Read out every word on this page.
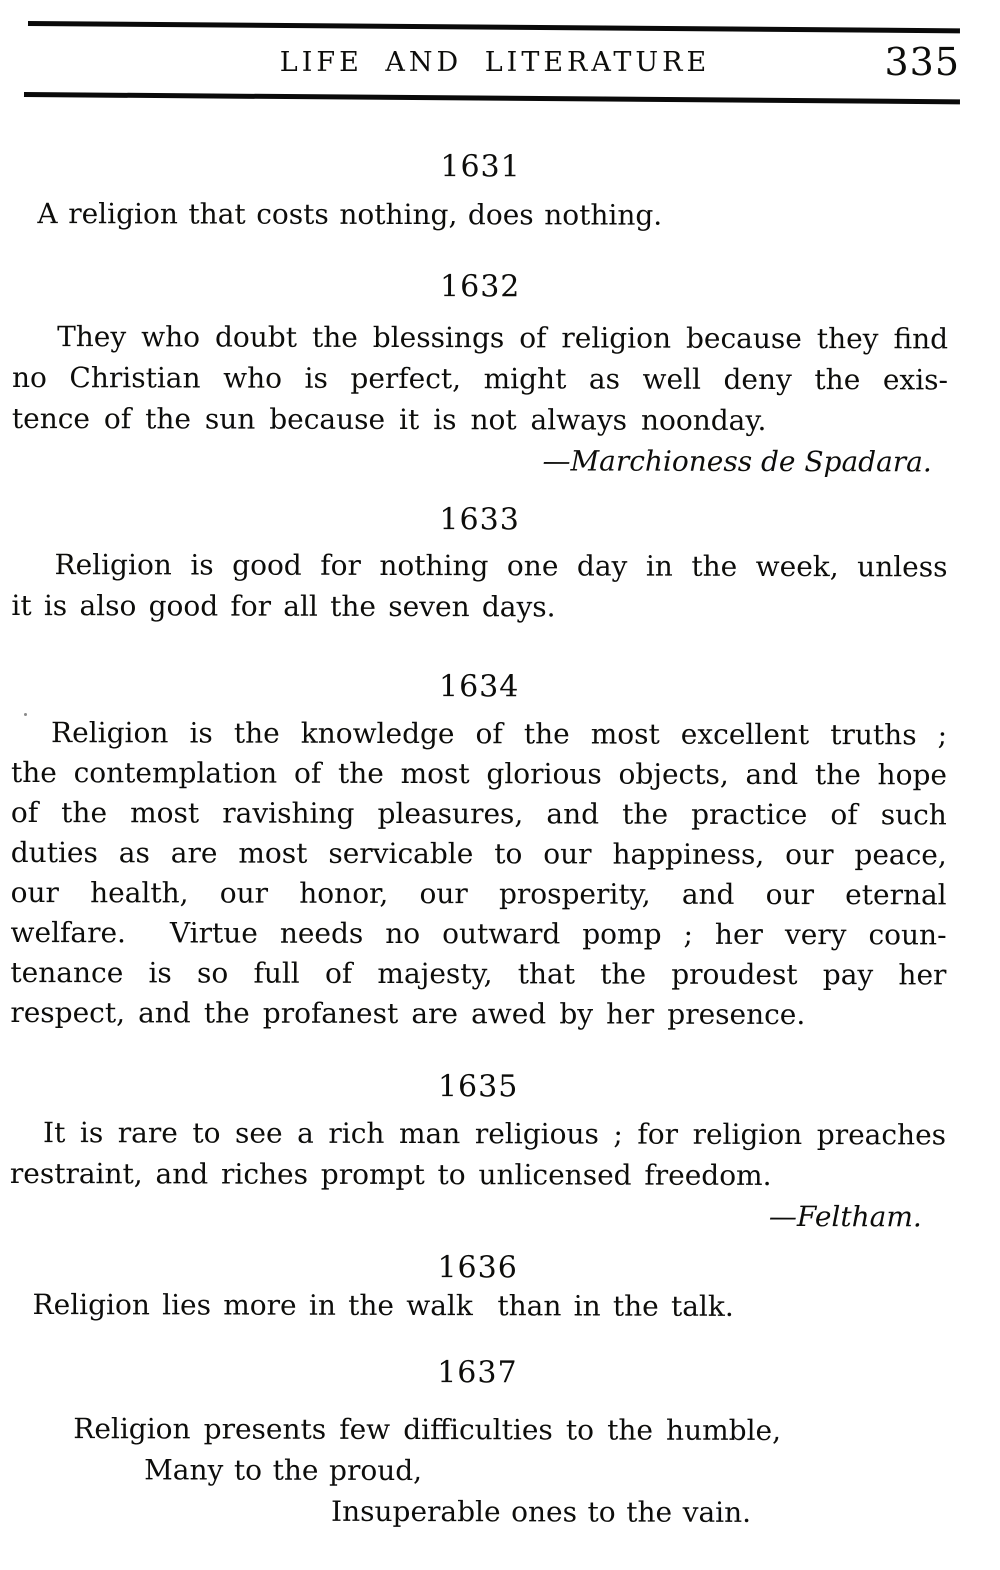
LIFE AND LITERATURE	335
1631
A religion that costs nothing, does nothing.
1632
They who doubt the blessings of religion because they find
no Christian who is perfect, might as well deny the exis-
tence of the sun because it is not always noonday.
—Marchioness de Spadara.
1633
Religion is good for nothing one day in the week, unless
it is also good for all the seven days.
1634
Religion is the knowledge of the most excellent truths ;
the contemplation of the most glorious objects, and the hope
of the most ravishing pleasures, and the practice of such
duties as are most servicable to our happiness, our peace,
our health, our honor, our prosperity, and our eternal
welfare.  Virtue needs no outward pomp ; her very coun-
tenance is so full of majesty, that the proudest pay her
respect, and the profanest are awed by her presence.
1635
It is rare to see a rich man religious ; for religion preaches
restraint, and riches prompt to unlicensed freedom.
—Feltham.
1636
Religion lies more in the walk  than in the talk.
1637
Religion presents few difficulties to the humble,
Many to the proud,
Insuperable ones to the vain.
